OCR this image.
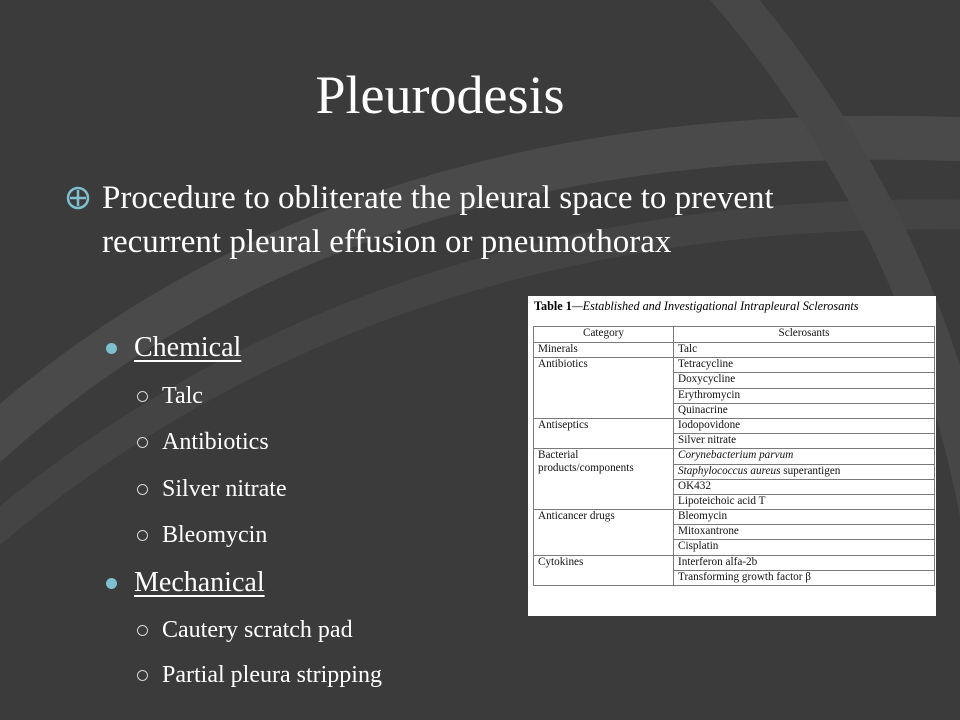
Pleurodesis
Procedure to obliterate the pleural space to prevent recurrent pleural effusion or pneumothorax
Chemical
Talc
Antibiotics
Silver nitrate
Bleomycin
Mechanical
Cautery scratch pad
Partial pleura stripping
Table 1—Established and Investigational Intrapleural Sclerosants
Category	Sclerosants
Minerals	Talc
Antibiotics	Tetracycline
	Doxycycline
	Erythromycin
	Quinacrine
Antiseptics	Iodopovidone
	Silver nitrate
Bacterial products/components	Corynebacterium parvum
	Staphylococcus aureus superantigen
	OK432
	Lipoteichoic acid T
Anticancer drugs	Bleomycin
	Mitoxantrone
	Cisplatin
Cytokines	Interferon alfa-2b
	Transforming growth factor β
